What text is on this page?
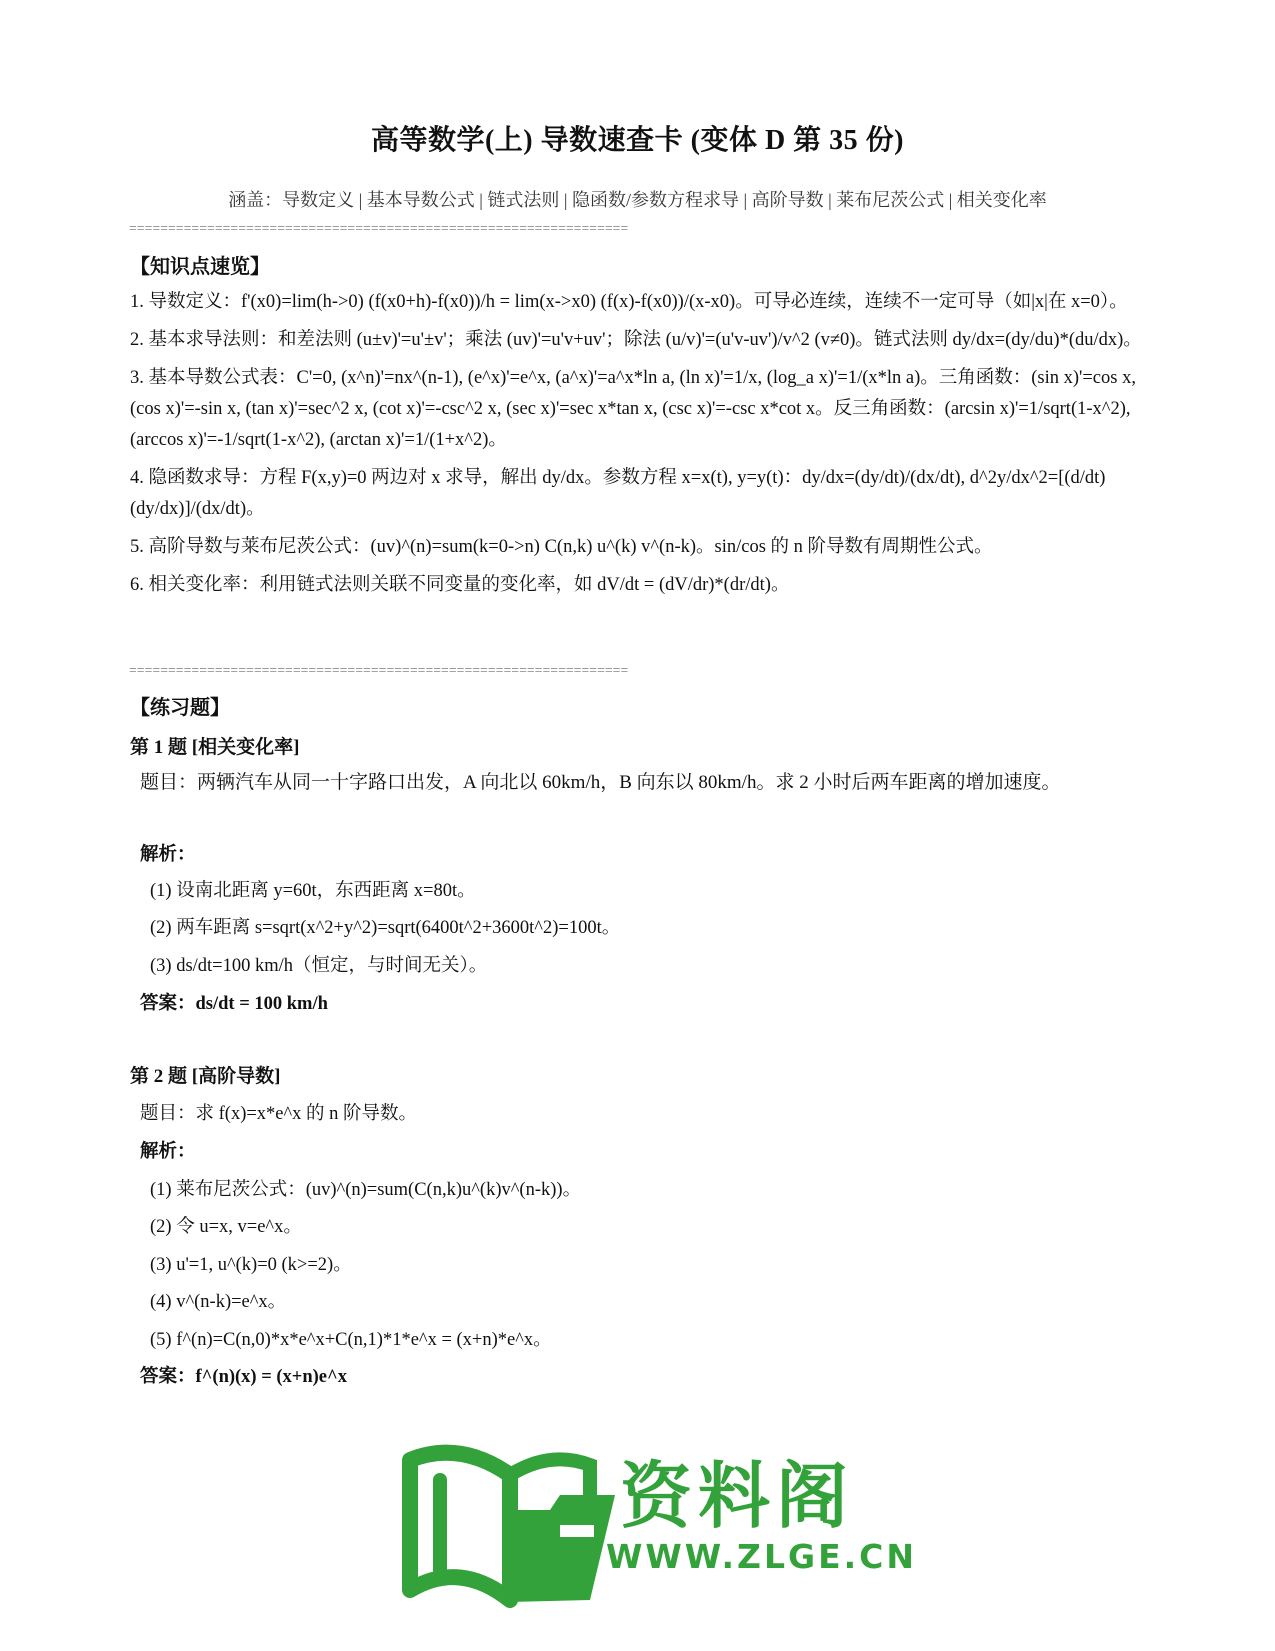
高等数学(上) 导数速查卡 (变体 D 第 35 份)
涵盖：导数定义 | 基本导数公式 | 链式法则 | 隐函数/参数方程求导 | 高阶导数 | 莱布尼茨公式 | 相关变化率
================================================================
【知识点速览】

1. 导数定义：f'(x0)=lim(h->0) (f(x0+h)-f(x0))/h = lim(x->x0) (f(x)-f(x0))/(x-x0)。可导必连续，连续不一定可导（如|x|在 x=0）。

2. 基本求导法则：和差法则 (u±v)'=u'±v'；乘法 (uv)'=u'v+uv'；除法 (u/v)'=(u'v-uv')/v^2 (v≠0)。链式法则 dy/dx=(dy/du)*(du/dx)。

3. 基本导数公式表：C'=0, (x^n)'=nx^(n-1), (e^x)'=e^x, (a^x)'=a^x*ln a, (ln x)'=1/x, (log_a x)'=1/(x*ln a)。三角函数：(sin x)'=cos x, (cos x)'=-sin x, (tan x)'=sec^2 x, (cot x)'=-csc^2 x, (sec x)'=sec x*tan x, (csc x)'=-csc x*cot x。反三角函数：(arcsin x)'=1/sqrt(1-x^2), (arccos x)'=-1/sqrt(1-x^2), (arctan x)'=1/(1+x^2)。

4. 隐函数求导：方程 F(x,y)=0 两边对 x 求导，解出 dy/dx。参数方程 x=x(t), y=y(t)：dy/dx=(dy/dt)/(dx/dt), d^2y/dx^2=[(d/dt)(dy/dx)]/(dx/dt)。

5. 高阶导数与莱布尼茨公式：(uv)^(n)=sum(k=0->n) C(n,k) u^(k) v^(n-k)。sin/cos 的 n 阶导数有周期性公式。

6. 相关变化率：利用链式法则关联不同变量的变化率，如 dV/dt = (dV/dr)*(dr/dt)。

================================================================
【练习题】
第 1 题 [相关变化率]
题目：两辆汽车从同一十字路口出发，A 向北以 60km/h，B 向东以 80km/h。求 2 小时后两车距离的增加速度。
解析：
(1) 设南北距离 y=60t，东西距离 x=80t。
(2) 两车距离 s=sqrt(x^2+y^2)=sqrt(6400t^2+3600t^2)=100t。
(3) ds/dt=100 km/h（恒定，与时间无关）。
答案：ds/dt = 100 km/h
第 2 题 [高阶导数]
题目：求 f(x)=x*e^x 的 n 阶导数。
解析：
(1) 莱布尼茨公式：(uv)^(n)=sum(C(n,k)u^(k)v^(n-k))。
(2) 令 u=x, v=e^x。
(3) u'=1, u^(k)=0 (k>=2)。
(4) v^(n-k)=e^x。
(5) f^(n)=C(n,0)*x*e^x+C(n,1)*1*e^x = (x+n)*e^x。
答案：f^(n)(x) = (x+n)e^x
资料阁
WWW.ZLGE.CN
